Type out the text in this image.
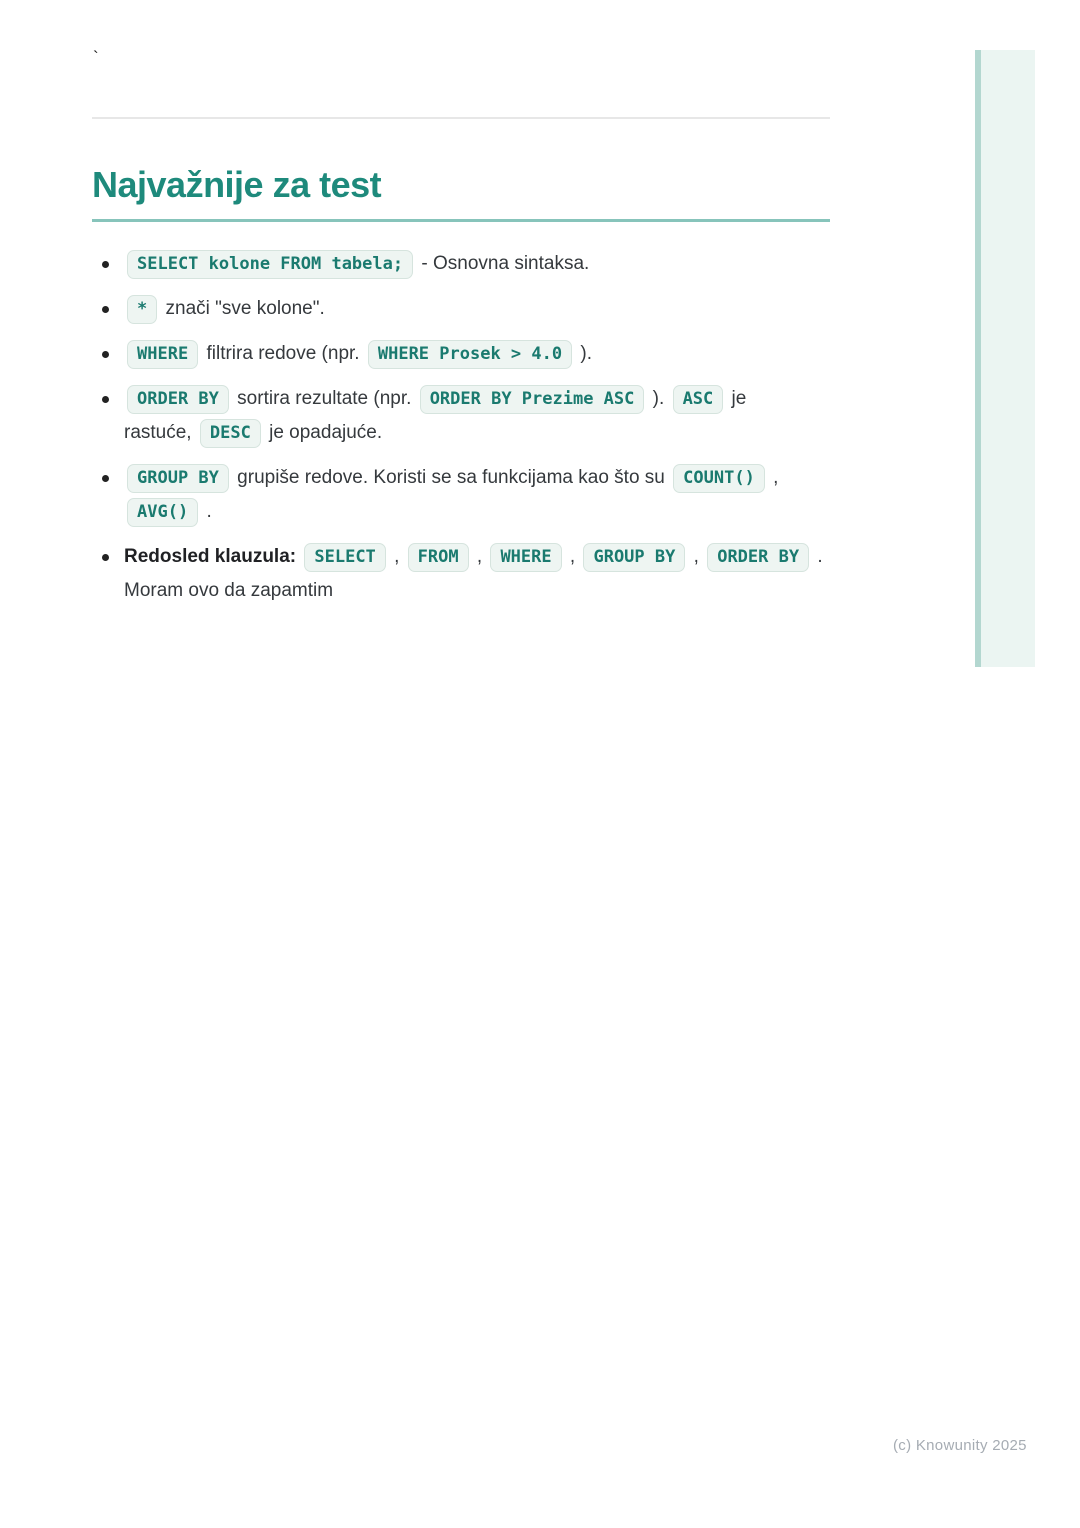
`
Najvažnije za test
SELECT kolone FROM tabela; - Osnovna sintaksa.
* znači "sve kolone".
WHERE filtrira redove (npr. WHERE Prosek > 4.0 ).
ORDER BY sortira rezultate (npr. ORDER BY Prezime ASC ). ASC je
rastuće, DESC je opadajuće.
GROUP BY grupiše redove. Koristi se sa funkcijama kao što su COUNT() ,
AVG() .
Redosled klauzula: SELECT , FROM , WHERE , GROUP BY , ORDER BY .
Moram ovo da zapamtim
(c) Knowunity 2025
